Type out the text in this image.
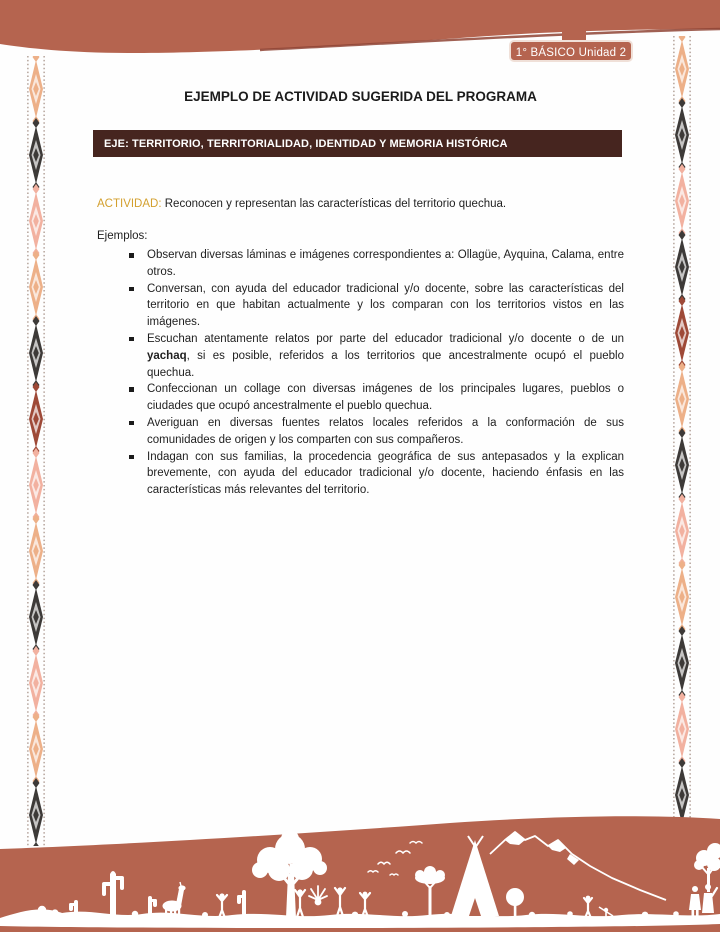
1° BÁSICO Unidad 2
EJEMPLO DE ACTIVIDAD SUGERIDA DEL PROGRAMA
EJE: TERRITORIO, TERRITORIALIDAD, IDENTIDAD Y MEMORIA HISTÓRICA
ACTIVIDAD: Reconocen y representan las características del territorio quechua.
Ejemplos:
Observan diversas láminas e imágenes correspondientes a: Ollagüe, Ayquina, Calama, entre otros.
Conversan, con ayuda del educador tradicional y/o docente, sobre las características del territorio en que habitan actualmente y los comparan con los territorios vistos en las imágenes.
Escuchan atentamente relatos por parte del educador tradicional y/o docente o de un yachaq, si es posible, referidos a los territorios que ancestralmente ocupó el pueblo quechua.
Confeccionan un collage con diversas imágenes de los principales lugares, pueblos o ciudades que ocupó ancestralmente el pueblo quechua.
Averiguan en diversas fuentes relatos locales referidos a la conformación de sus comunidades de origen y los comparten con sus compañeros.
Indagan con sus familias, la procedencia geográfica de sus antepasados y la explican brevemente, con ayuda del educador tradicional y/o docente, haciendo énfasis en las características más relevantes del territorio.
